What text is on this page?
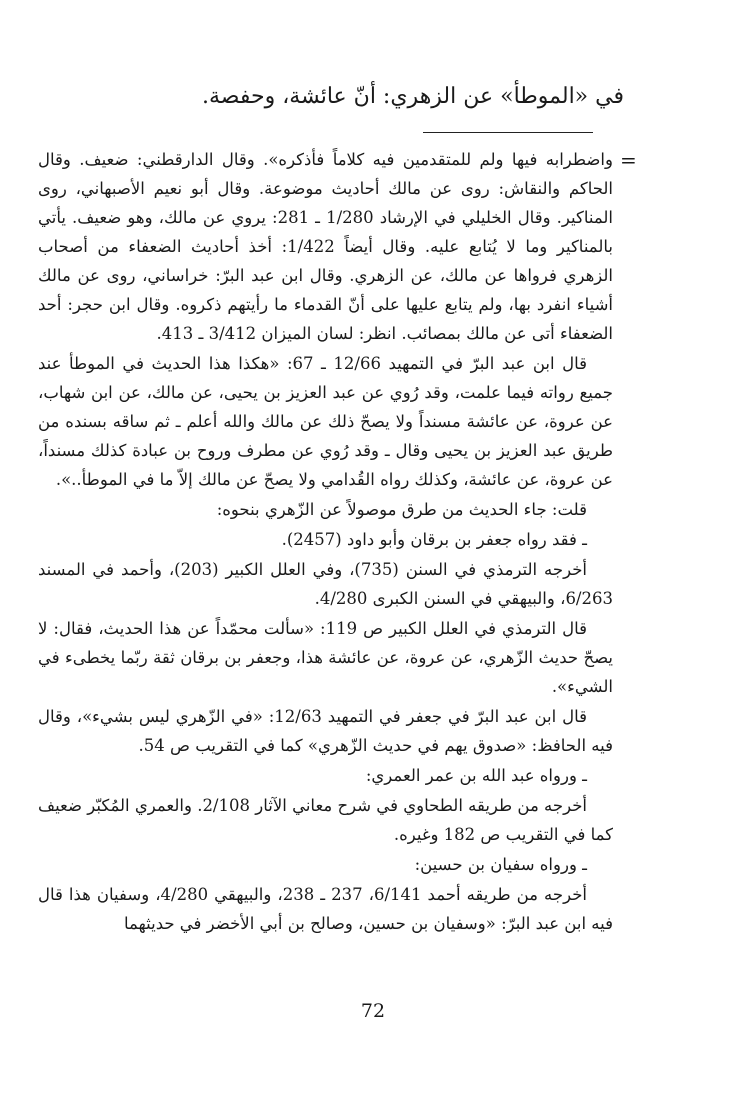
في «الموطأ» عن الزهري: أنّ عائشة، وحفصة.
=

واضطرابه فيها ولم للمتقدمين فيه كلاماً فأذكره». وقال الدارقطني: ضعيف. وقال الحاكم والنقاش: روى عن مالك أحاديث موضوعة. وقال أبو نعيم الأصبهاني، روى المناكير. وقال الخليلي في الإرشاد 1/280 ـ 281: يروي عن مالك، وهو ضعيف. يأتي بالمناكير وما لا يُتابع عليه. وقال أيضاً 1/422: أخذ أحاديث الضعفاء من أصحاب الزهري فرواها عن مالك، عن الزهري. وقال ابن عبد البرّ: خراساني، روى عن مالك أشياء انفرد بها، ولم يتابع عليها على أنّ القدماء ما رأيتهم ذكروه. وقال ابن حجر: أحد الضعفاء أتى عن مالك بمصائب. انظر: لسان الميزان 3/412 ـ 413.

قال ابن عبد البرّ في التمهيد 12/66 ـ 67: «هكذا هذا الحديث في الموطأ عند جميع رواته فيما علمت، وقد رُوي عن عبد العزيز بن يحيى، عن مالك، عن ابن شهاب، عن عروة، عن عائشة مسنداً ولا يصحّ ذلك عن مالك والله أعلم ـ ثم ساقه بسنده من طريق عبد العزيز بن يحيى وقال ـ وقد رُوي عن مطرف وروح بن عبادة كذلك مسنداً، عن عروة، عن عائشة، وكذلك رواه القُدامي ولا يصحّ عن مالك إلاّ ما في الموطأ..».

قلت: جاء الحديث من طرق موصولاً عن الزّهري بنحوه:

ـ فقد رواه جعفر بن برقان وأبو داود (2457).

أخرجه الترمذي في السنن (735)، وفي العلل الكبير (203)، وأحمد في المسند 6/263، والبيهقي في السنن الكبرى 4/280.

قال الترمذي في العلل الكبير ص 119: «سألت محمّداً عن هذا الحديث، فقال: لا يصحّ حديث الزّهري، عن عروة، عن عائشة هذا، وجعفر بن برقان ثقة ربّما يخطىء في الشيء».

قال ابن عبد البرّ في جعفر في التمهيد 12/63: «في الزّهري ليس بشيء»، وقال فيه الحافظ: «صدوق يهم في حديث الزّهري» كما في التقريب ص 54.

ـ ورواه عبد الله بن عمر العمري:

أخرجه من طريقه الطحاوي في شرح معاني الآثار 2/108. والعمري المُكبّر ضعيف كما في التقريب ص 182 وغيره.

ـ ورواه سفيان بن حسين:

أخرجه من طريقه أحمد 6/141، 237 ـ 238، والبيهقي 4/280، وسفيان هذا قال فيه ابن عبد البرّ: «وسفيان بن حسين، وصالح بن أبي الأخضر في حديثهما

72
